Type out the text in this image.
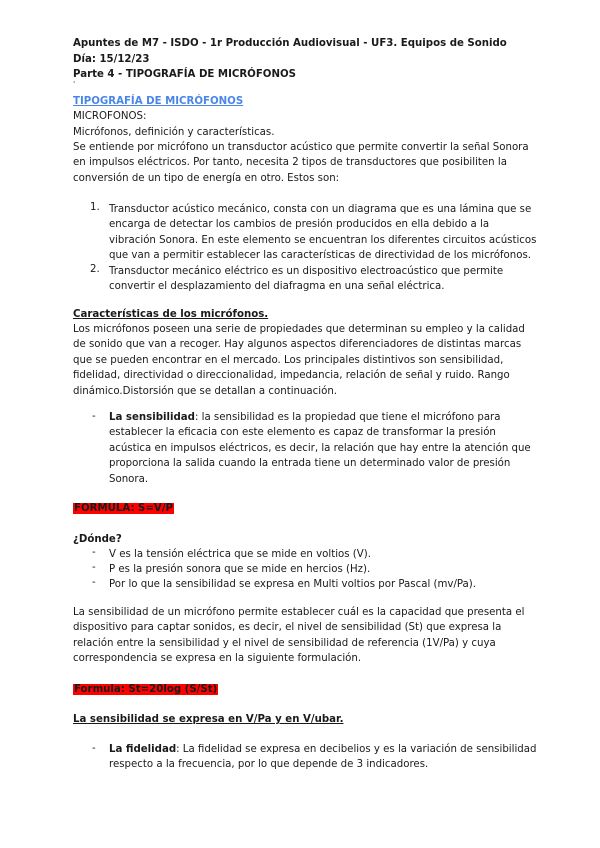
Apuntes de M7 - ISDO - 1r Producción Audiovisual - UF3. Equipos de Sonido
Día: 15/12/23
Parte 4 - TIPOGRAFÍA DE MICRÓFONOS
'
TIPOGRAFÍA DE MICRÓFONOS
MICROFONOS:
Micrófonos, definición y características.
Se entiende por micrófono un transductor acústico que permite convertir la señal Sonora
en impulsos eléctricos. Por tanto, necesita 2 tipos de transductores que posibiliten la
conversión de un tipo de energía en otro. Estos son:
1. Transductor acústico mecánico, consta con un diagrama que es una lámina que se
encarga de detectar los cambios de presión producidos en ella debido a la
vibración Sonora. En este elemento se encuentran los diferentes circuitos acústicos
que van a permitir establecer las características de directividad de los micrófonos.
2. Transductor mecánico eléctrico es un dispositivo electroacústico que permite
convertir el desplazamiento del diafragma en una señal eléctrica.
Características de los micrófonos.
Los micrófonos poseen una serie de propiedades que determinan su empleo y la calidad
de sonido que van a recoger. Hay algunos aspectos diferenciadores de distintas marcas
que se pueden encontrar en el mercado. Los principales distintivos son sensibilidad,
fidelidad, directividad o direccionalidad, impedancia, relación de señal y ruido. Rango
dinámico.Distorsión que se detallan a continuación.
- La sensibilidad: la sensibilidad es la propiedad que tiene el micrófono para
establecer la eficacia con este elemento es capaz de transformar la presión
acústica en impulsos eléctricos, es decir, la relación que hay entre la atención que
proporciona la salida cuando la entrada tiene un determinado valor de presión
Sonora.
FORMULA: S=V/P
¿Dónde?
- V es la tensión eléctrica que se mide en voltios (V).
- P es la presión sonora que se mide en hercios (Hz).
- Por lo que la sensibilidad se expresa en Multi voltios por Pascal (mv/Pa).
La sensibilidad de un micrófono permite establecer cuál es la capacidad que presenta el
dispositivo para captar sonidos, es decir, el nivel de sensibilidad (St) que expresa la
relación entre la sensibilidad y el nivel de sensibilidad de referencia (1V/Pa) y cuya
correspondencia se expresa en la siguiente formulación.
Formula: St=20log (S/St)
La sensibilidad se expresa en V/Pa y en V/ubar.
- La fidelidad: La fidelidad se expresa en decibelios y es la variación de sensibilidad
respecto a la frecuencia, por lo que depende de 3 indicadores.
